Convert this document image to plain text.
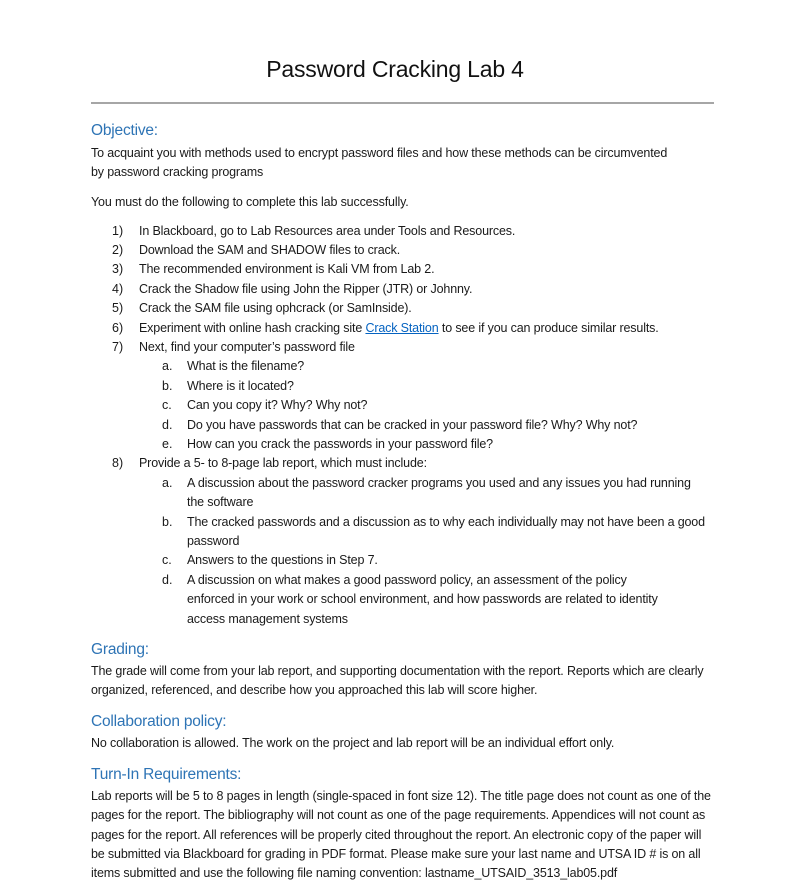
Password Cracking Lab 4
Objective:
To acquaint you with methods used to encrypt password files and how these methods can be circumvented by password cracking programs
You must do the following to complete this lab successfully.
1)	In Blackboard, go to Lab Resources area under Tools and Resources.
2)	Download the SAM and SHADOW files to crack.
3)	The recommended environment is Kali VM from Lab 2.
4)	Crack the Shadow file using John the Ripper (JTR) or Johnny.
5)	Crack the SAM file using ophcrack (or SamInside).
6)	Experiment with online hash cracking site Crack Station to see if you can produce similar results.
7)	Next, find your computer’s password file
a.	What is the filename?
b.	Where is it located?
c.	Can you copy it? Why? Why not?
d.	Do you have passwords that can be cracked in your password file? Why? Why not?
e.	How can you crack the passwords in your password file?
8)	Provide a 5- to 8-page lab report, which must include:
a.	A discussion about the password cracker programs you used and any issues you had running the software
b.	The cracked passwords and a discussion as to why each individually may not have been a good password
c.	Answers to the questions in Step 7.
d.	A discussion on what makes a good password policy, an assessment of the policy enforced in your work or school environment, and how passwords are related to identity access management systems
Grading:
The grade will come from your lab report, and supporting documentation with the report. Reports which are clearly organized, referenced, and describe how you approached this lab will score higher.
Collaboration policy:
No collaboration is allowed. The work on the project and lab report will be an individual effort only.
Turn-In Requirements:
Lab reports will be 5 to 8 pages in length (single-spaced in font size 12). The title page does not count as one of the pages for the report. The bibliography will not count as one of the page requirements. Appendices will not count as pages for the report. All references will be properly cited throughout the report. An electronic copy of the paper will be submitted via Blackboard for grading in PDF format. Please make sure your last name and UTSA ID # is on all items submitted and use the following file naming convention: lastname_UTSAID_3513_lab05.pdf
